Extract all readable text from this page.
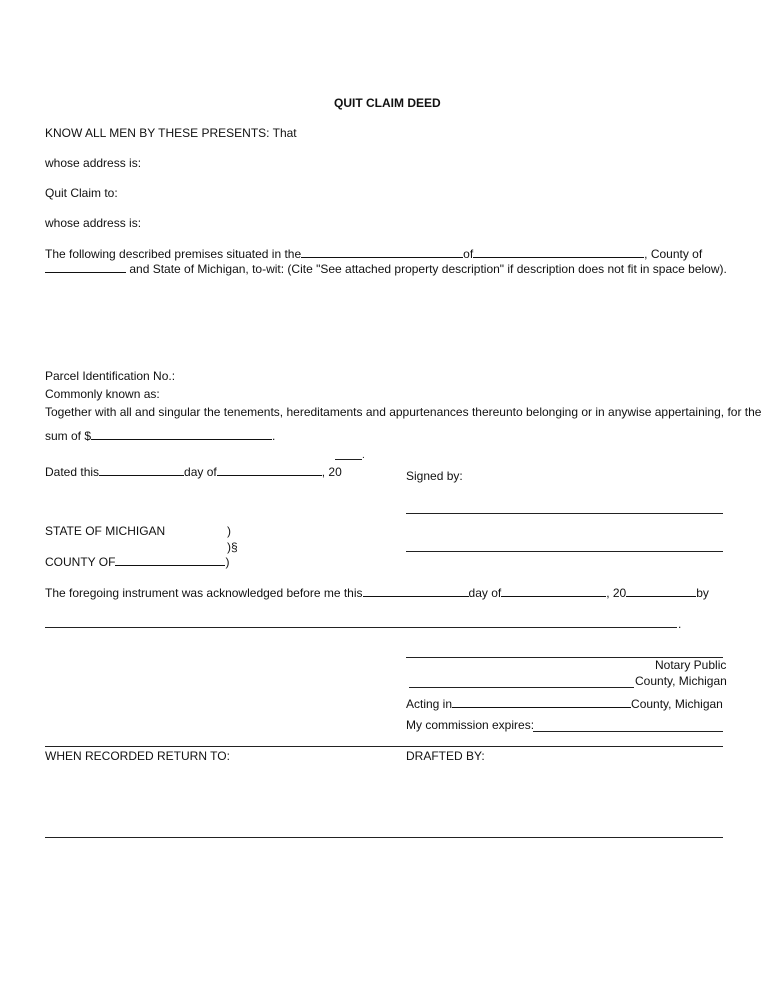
QUIT CLAIM DEED
KNOW ALL MEN BY THESE PRESENTS: That
whose address is:
Quit Claim to:
whose address is:
The following described premises situated in the	of	, County of
and State of Michigan, to-wit: (Cite "See attached property description" if description does not fit in space below).
Parcel Identification No.:
Commonly known as:
Together with all and singular the tenements, hereditaments and appurtenances thereunto belonging or in anywise appertaining, for the
sum of $	.
Dated this	day of	, 20
.
Signed by:
STATE OF MICHIGAN	)
)§
COUNTY OF	)
The foregoing instrument was acknowledged before me this	day of	, 20	by
.
Notary Public
County, Michigan
Acting in	County, Michigan
My commission expires:
WHEN RECORDED RETURN TO:	DRAFTED BY:
